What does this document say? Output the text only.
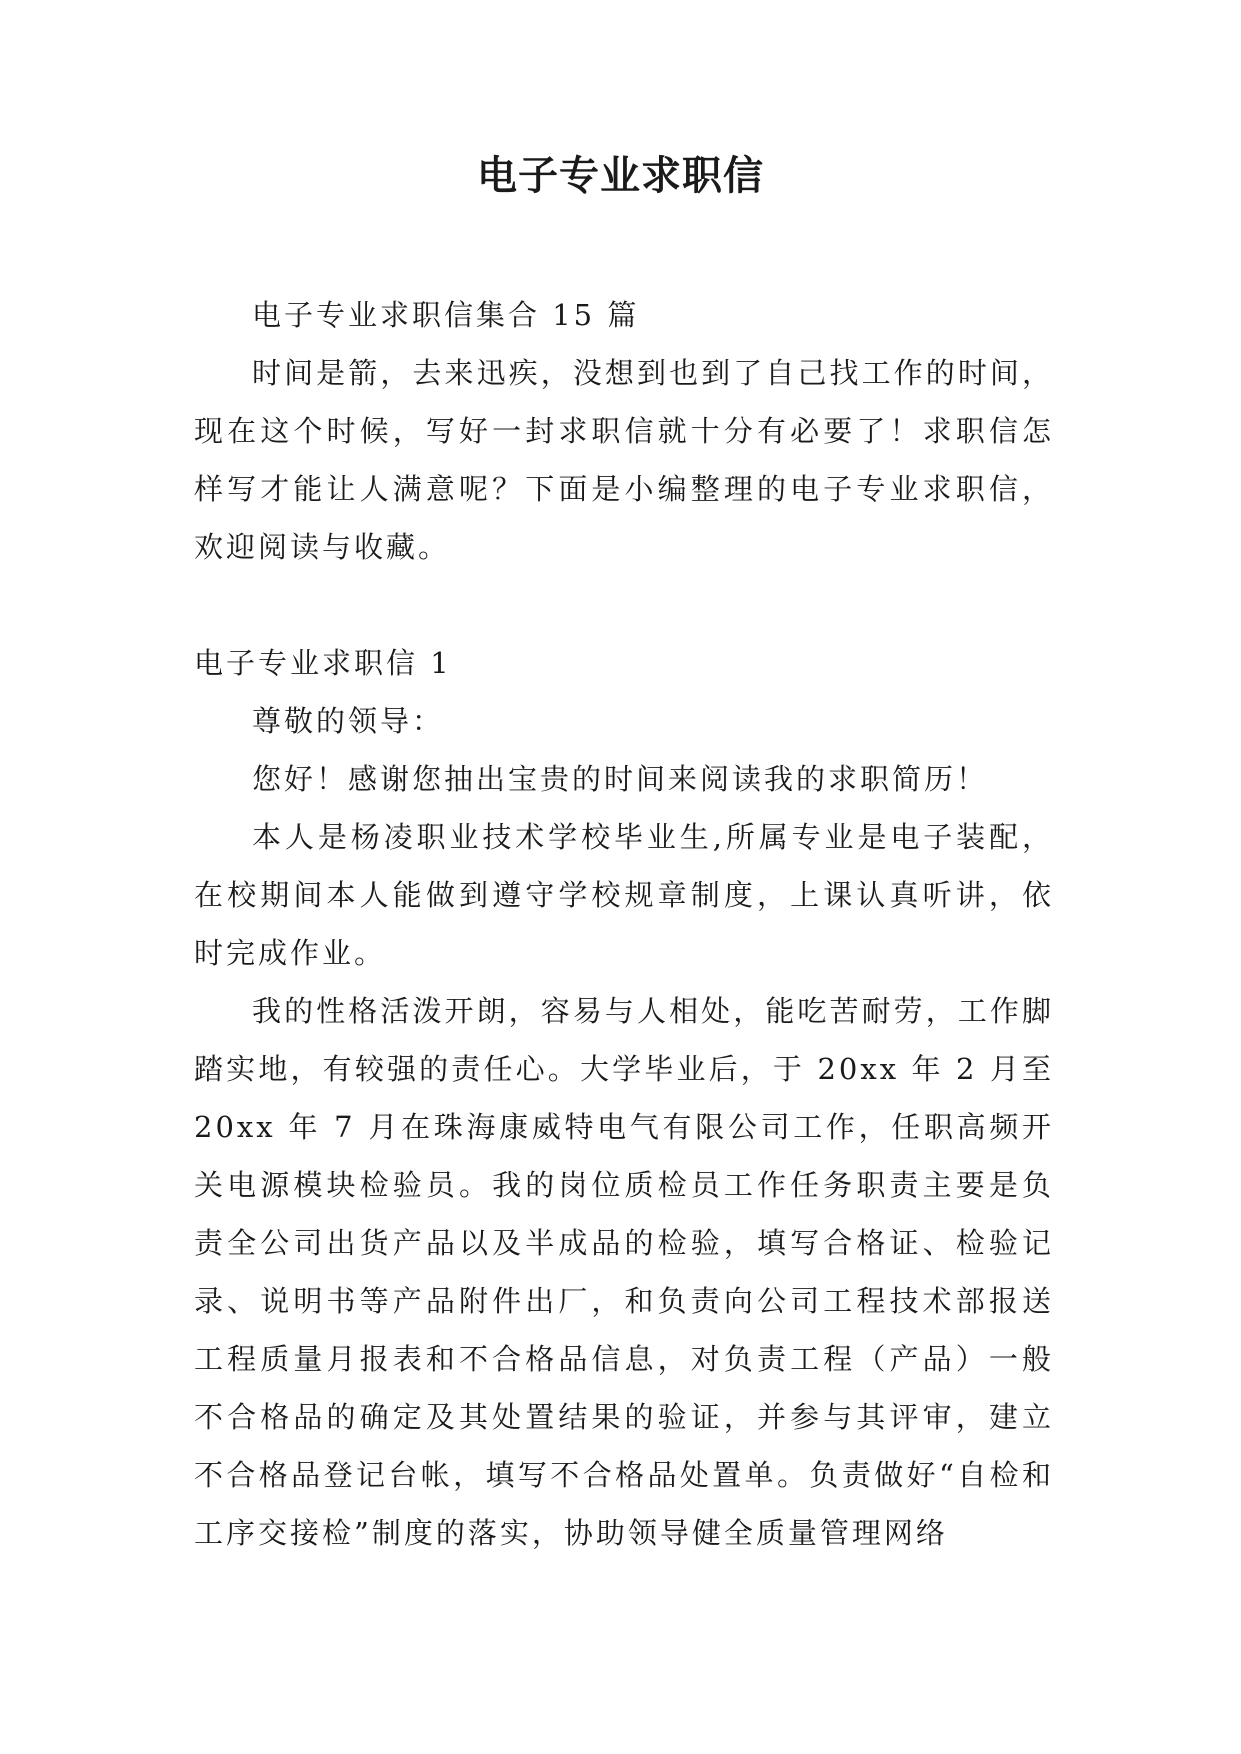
电子专业求职信

电子专业求职信集合 15 篇

时间是箭，去来迅疾，没想到也到了自己找工作的时间，现在这个时候，写好一封求职信就十分有必要了！求职信怎样写才能让人满意呢？下面是小编整理的电子专业求职信，欢迎阅读与收藏。

电子专业求职信 1

尊敬的领导：

您好！感谢您抽出宝贵的时间来阅读我的求职简历！

本人是杨凌职业技术学校毕业生,所属专业是电子装配，在校期间本人能做到遵守学校规章制度，上课认真听讲，依时完成作业。

我的性格活泼开朗，容易与人相处，能吃苦耐劳，工作脚踏实地，有较强的责任心。大学毕业后，于 20xx 年 2 月至 20xx 年 7 月在珠海康威特电气有限公司工作，任职高频开关电源模块检验员。我的岗位质检员工作任务职责主要是负责全公司出货产品以及半成品的检验，填写合格证、检验记录、说明书等产品附件出厂，和负责向公司工程技术部报送工程质量月报表和不合格品信息，对负责工程（产品）一般不合格品的确定及其处置结果的验证，并参与其评审，建立不合格品登记台帐，填写不合格品处置单。负责做好“自检和工序交接检”制度的落实，协助领导健全质量管理网络
